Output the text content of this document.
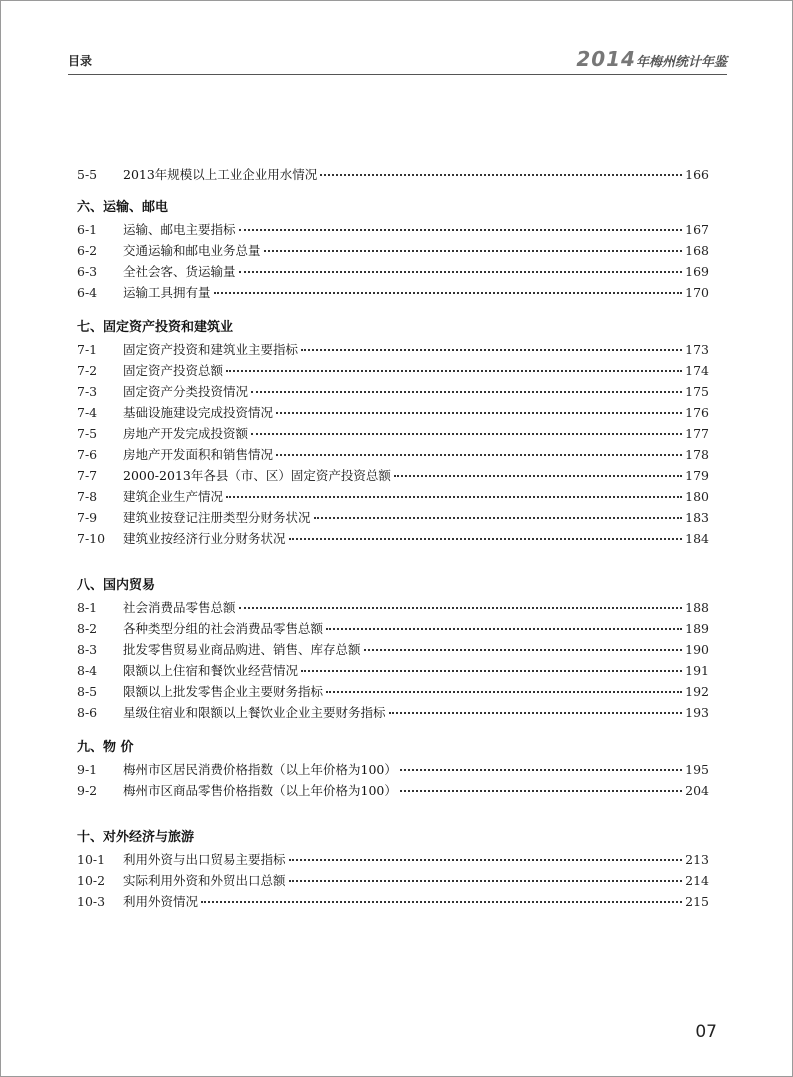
目录	2014年梅州统计年鉴
5-5	2013年规模以上工业企业用水情况	166
六、运输、邮电
6-1	运输、邮电主要指标	167
6-2	交通运输和邮电业务总量	168
6-3	全社会客、货运输量	169
6-4	运输工具拥有量	170
七、固定资产投资和建筑业
7-1	固定资产投资和建筑业主要指标	173
7-2	固定资产投资总额	174
7-3	固定资产分类投资情况	175
7-4	基础设施建设完成投资情况	176
7-5	房地产开发完成投资额	177
7-6	房地产开发面积和销售情况	178
7-7	2000-2013年各县（市、区）固定资产投资总额	179
7-8	建筑企业生产情况	180
7-9	建筑业按登记注册类型分财务状况	183
7-10	建筑业按经济行业分财务状况	184
八、国内贸易
8-1	社会消费品零售总额	188
8-2	各种类型分组的社会消费品零售总额	189
8-3	批发零售贸易业商品购进、销售、库存总额	190
8-4	限额以上住宿和餐饮业经营情况	191
8-5	限额以上批发零售企业主要财务指标	192
8-6	星级住宿业和限额以上餐饮业企业主要财务指标	193
九、物 价
9-1	梅州市区居民消费价格指数（以上年价格为100）	195
9-2	梅州市区商品零售价格指数（以上年价格为100）	204
十、对外经济与旅游
10-1	利用外资与出口贸易主要指标	213
10-2	实际利用外资和外贸出口总额	214
10-3	利用外资情况	215
07
